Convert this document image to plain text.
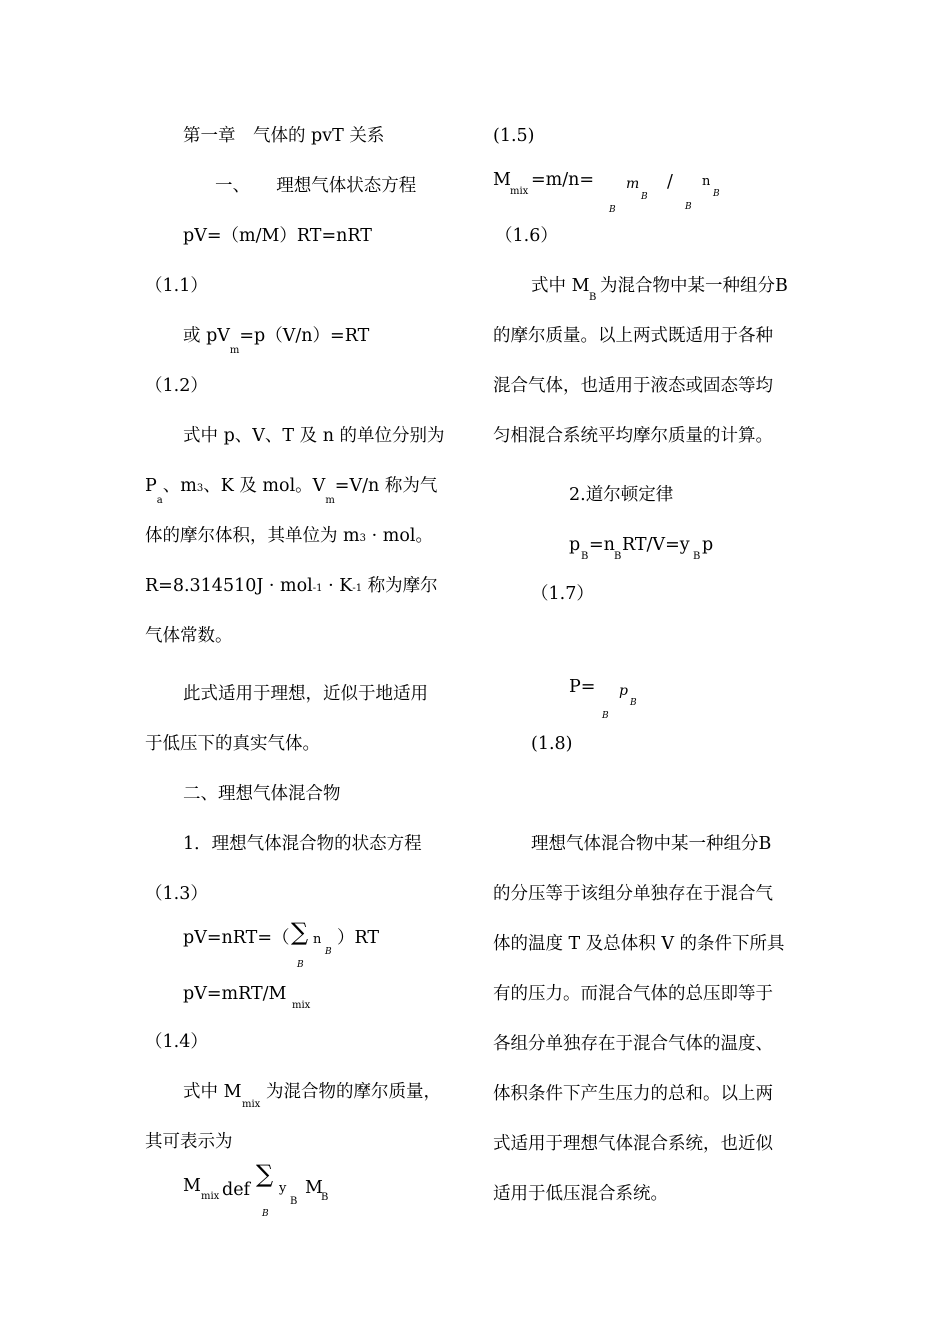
第一章　气体的 pvT 关系
一、　　理想气体状态方程
pV=（m/M）RT=nRT
（1.1）
或 $pV_m=p(V/n)=RT$
（1.2）
式中 p、V、T 及 n 的单位分别为
$P_a$、m3、K 及 mol。$V_m=V/n$ 称为气
体的摩尔体积，其单位为 m3 · mol。
R=8.314510J · mol-1 · K-1 称为摩尔
气体常数。
此式适用于理想，近似于地适用
于低压下的真实气体。
二、理想气体混合物
1．理想气体混合物的状态方程
（1.3）
pV=nRT=（ ∑
B
n
B
）RT
pV=mRT/M
mix
（1.4）
式中 M
mix
为混合物的摩尔质量，
其可表示为
M
mix def
∑
B
y
B
M
B
(1.5)
M
mix
=m/n=
B
m
B
/
B
n
B
（1.6）
式中 M
B
为混合物中某一种组分B
的摩尔质量。以上两式既适用于各种
混合气体，也适用于液态或固态等均
匀相混合系统平均摩尔质量的计算。
2.道尔顿定律
p
B
=n
B
RT/V=y
B
p
（1.7）
P=
B
p
B
(1.8)
理想气体混合物中某一种组分B
的分压等于该组分单独存在于混合气
体的温度 T 及总体积 V 的条件下所具
有的压力。而混合气体的总压即等于
各组分单独存在于混合气体的温度、
体积条件下产生压力的总和。以上两
式适用于理想气体混合系统，也近似
适用于低压混合系统。
